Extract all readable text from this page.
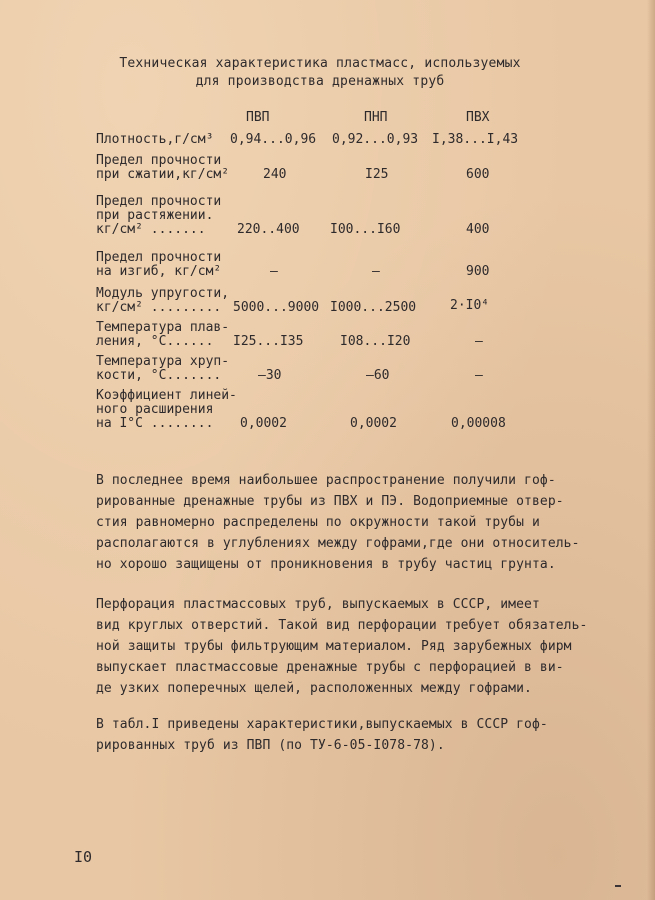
Техническая характеристика пластмасс, используемых
для производства дренажных труб
ПВП	ПНП	ПВХ
Плотность,г/см³ 0,94...0,96 0,92...0,93 I,38...I,43
Предел прочности
при сжатии,кг/см²	240	I25	600
Предел прочности
при растяжении.
кг/см² ....... 220..400 I00...I60	400
Предел прочности
на изгиб, кг/см²	–	–	900
Модуль упругости,
кг/см² ......... 5000...9000 I000...2500	2·I0⁴
Температура плав-
ления, °С...... I25...I35	I08...I20	–
Температура хруп-
кости, °С.......	–30	–60	–
Коэффициент линей-
ного расширения
на I°С ........ 0,0002	0,0002	0,00008
В последнее время наибольшее распространение получили гоф-
рированные дренажные трубы из ПВХ и ПЭ. Водоприемные отвер-
стия равномерно распределены по окружности такой трубы и
располагаются в углублениях между гофрами,где они относитель-
но хорошо защищены от проникновения в трубу частиц грунта.
Перфорация пластмассовых труб, выпускаемых в СССР, имеет
вид круглых отверстий. Такой вид перфорации требует обязатель-
ной защиты трубы фильтрующим материалом. Ряд зарубежных фирм
выпускает пластмассовые дренажные трубы с перфорацией в ви-
де узких поперечных щелей, расположенных между гофрами.
В табл.I приведены характеристики,выпускаемых в СССР гоф-
рированных труб из ПВП (по ТУ-6-05-I078-78).
I0
